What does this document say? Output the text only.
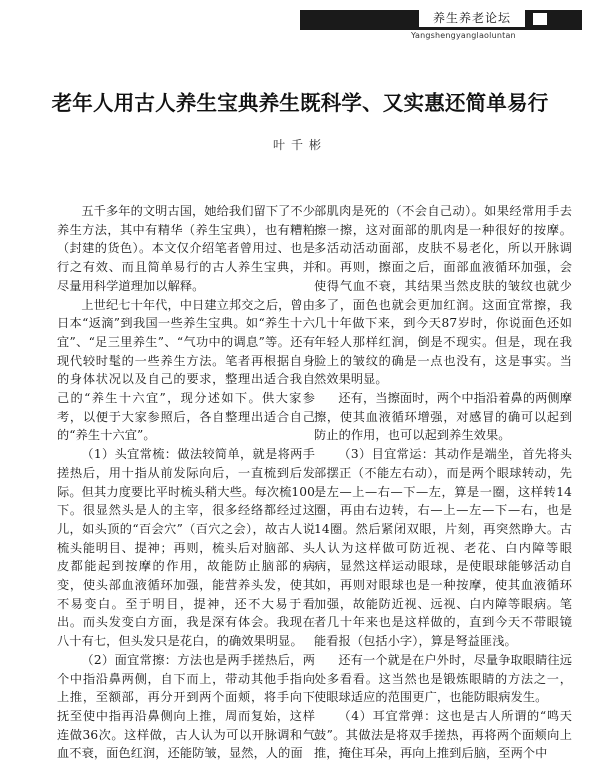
养生养老论坛
Yangshengyanglaoluntan
老年人用古人养生宝典养生既科学、又实惠还简单易行
叶千彬

五千多年的文明古国，她给我们留下了不少养生方法，其中有精华（养生宝典），也有糟粕（封建的货色）。本文仅介绍笔者曾用过、也是行之有效、而且简单易行的古人养生宝典，并尽量用科学道理加以解释。

上世纪七十年代，中日建立邦交之后，曾由日本“返滴”到我国一些养生宝典。如“养生十六宜”、“足三里养生”、“气功中的调息”等。还有现代较时髦的一些养生方法。笔者再根据自身的身体状况以及自己的要求，整理出适合我自己的“养生十六宜”，现分述如下。供大家参考，以便于大家参照后，各自整理出适合自己的“养生十六宜”。

（1）头宜常梳：做法较简单，就是将两手搓热后，用十指从前发际向后，一直梳到后发际。但其力度要比平时梳头稍大些。每次梳100下。很显然头是人的主宰，很多经络都经过这儿，如头顶的“百会穴”（百穴之会），故古人说梳头能明目、提神；再则，梳头后对脑部、头皮都能起到按摩的作用，故能防止脑部的病变，使头部血液循环加强，能营养头发，使其不易变白。至于明目，提神，还不大易于看出。而头发变白方面，我是深有体会。我现在八十有七，但头发只是花白，的确效果明显。

（2）面宜常擦：方法也是两手搓热后，两个中指沿鼻两侧，自下而上，带动其他手指向上推，至额部，再分开到两个面颊，将手向下抚至使中指再沿鼻侧向上推，周而复始，这样连做36次。这样做，古人认为可以开脉调和气血不衰，面色红润，还能防皱，显然，人的面

部肌肉是死的（不会自己动）。如果经常用手去擦一擦，这对面部的肌肉是一种很好的按摩。多活动活动面部，皮肤不易老化，所以开脉调和。再则，擦面之后，面部血液循环加强，会使得气血不衰，其结果当然皮肤的皱纹也就少多了，面色也就会更加红润。这面宜常擦，我几十年做下来，到今天87岁时，你说面色还如年轻人那样红润，倒是不现实。但是，现在我脸上的皱纹的确是一点也没有，这是事实。当然效果明显。

还有，当擦面时，两个中指沿着鼻的两侧摩擦，使其血液循环增强，对感冒的确可以起到防止的作用，也可以起到养生效果。

（3）目宜常运：其动作是端坐，首先将头部摆正（不能左右动），而是两个眼球转动，先是左—上—右—下—左，算是一圈，这样转14圈，再由右边转，右—上—左—下—右，也是14圈。然后紧闭双眼，片刻，再突然睁大。古人认为这样做可防近视、老花、白内障等眼病，显然这样运动眼球，是使眼球能够活动自如，再则对眼球也是一种按摩，使其血液循环加强，故能防近视、远视、白内障等眼病。笔者几十年来也是这样做的，直到今天不带眼镜能看报（包括小字），算是弩益匪浅。

还有一个就是在户外时，尽量争取眼睛往远处多看看。这当然也是锻炼眼睛的方法之一，使眼球适应的范围更广，也能防眼病发生。

（4）耳宜常弹：这也是古人所谓的“鸣天鼓”。其做法是将双手搓热，再将两个面颊向上推，掩住耳朵，再向上推到后脑，至两个中
